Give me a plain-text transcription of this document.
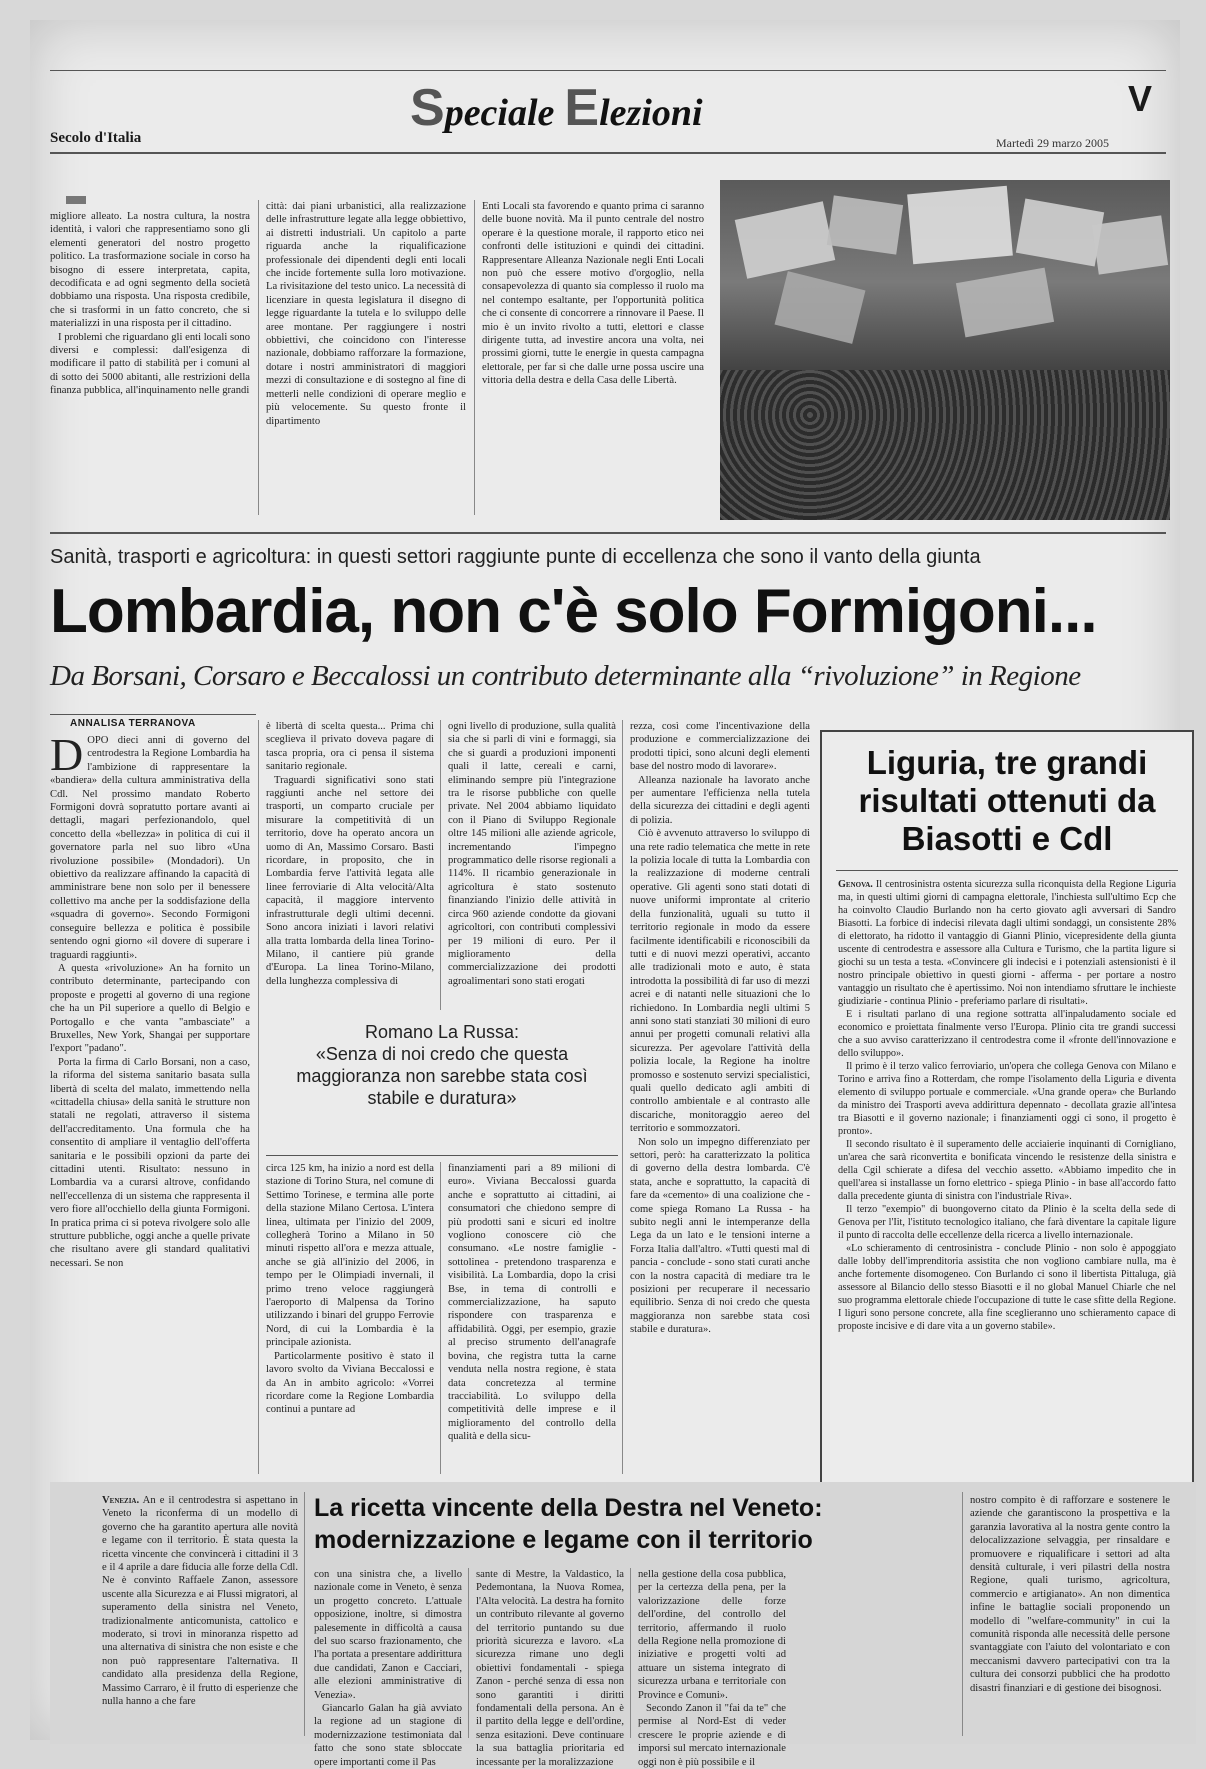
Speciale Elezioni	V
Secolo d'Italia	Martedì 29 marzo 2005

migliore alleato. La nostra cultura, la nostra identità, i valori che rappresentiamo sono gli elementi generatori del nostro progetto politico. La trasformazione sociale in corso ha bisogno di essere interpretata, capita, decodificata e ad ogni segmento della società dobbiamo una risposta. Una risposta credibile, che si trasformi in un fatto concreto, che si materializzi in una risposta per il cittadino.

I problemi che riguardano gli enti locali sono diversi e complessi: dall'esigenza di modificare il patto di stabilità per i comuni al di sotto dei 5000 abitanti, alle restrizioni della finanza pubblica, all'inquinamento nelle grandi

città: dai piani urbanistici, alla realizzazione delle infrastrutture legate alla legge obbiettivo, ai distretti industriali. Un capitolo a parte riguarda anche la riqualificazione professionale dei dipendenti degli enti locali che incide fortemente sulla loro motivazione. La rivisitazione del testo unico. La necessità di licenziare in questa legislatura il disegno di legge riguardante la tutela e lo sviluppo delle aree montane. Per raggiungere i nostri obbiettivi, che coincidono con l'interesse nazionale, dobbiamo rafforzare la formazione, dotare i nostri amministratori di maggiori mezzi di consultazione e di sostegno al fine di metterli nelle condizioni di operare meglio e più velocemente. Su questo fronte il dipartimento

Enti Locali sta favorendo e quanto prima ci saranno delle buone novità. Ma il punto centrale del nostro operare è la questione morale, il rapporto etico nei confronti delle istituzioni e quindi dei cittadini. Rappresentare Alleanza Nazionale negli Enti Locali non può che essere motivo d'orgoglio, nella consapevolezza di quanto sia complesso il ruolo ma nel contempo esaltante, per l'opportunità politica che ci consente di concorrere a rinnovare il Paese. Il mio è un invito rivolto a tutti, elettori e classe dirigente tutta, ad investire ancora una volta, nei prossimi giorni, tutte le energie in questa campagna elettorale, per far sì che dalle urne possa uscire una vittoria della destra e della Casa delle Libertà.

Sanità, trasporti e agricoltura: in questi settori raggiunte punte di eccellenza che sono il vanto della giunta
Lombardia, non c'è solo Formigoni...
Da Borsani, Corsaro e Beccalossi un contributo determinante alla “rivoluzione” in Regione
ANNALISA TERRANOVA
D OPO dieci anni di governo del centrodestra la Regione Lombardia ha l'ambizione di rappresentare la «bandiera» della cultura amministrativa della Cdl. Nel prossimo mandato Roberto Formigoni dovrà sopratutto portare avanti ai dettagli, magari perfezionandolo, quel concetto della «bellezza» in politica di cui il governatore parla nel suo libro «Una rivoluzione possibile» (Mondadori). Un obiettivo da realizzare affinando la capacità di amministrare bene non solo per il benessere collettivo ma anche per la soddisfazione della «squadra di governo». Secondo Formigoni conseguire bellezza e politica è possibile sentendo ogni giorno «il dovere di superare i traguardi raggiunti».

A questa «rivoluzione» An ha fornito un contributo determinante, partecipando con proposte e progetti al governo di una regione che ha un Pil superiore a quello di Belgio e Portogallo e che vanta "ambasciate" a Bruxelles, New York, Shangai per supportare l'export "padano".

Porta la firma di Carlo Borsani, non a caso, la riforma del sistema sanitario basata sulla libertà di scelta del malato, immettendo nella «cittadella chiusa» della sanità le strutture non statali ne regolati, attraverso il sistema dell'accreditamento. Una formula che ha consentito di ampliare il ventaglio dell'offerta sanitaria e le possibili opzioni da parte dei cittadini utenti. Risultato: nessuno in Lombardia va a curarsi altrove, confidando nell'eccellenza di un sistema che rappresenta il vero fiore all'occhiello della giunta Formigoni. In pratica prima ci si poteva rivolgere solo alle strutture pubbliche, oggi anche a quelle private che risultano avere gli standard qualitativi necessari. Se non

è libertà di scelta questa... Prima chi sceglieva il privato doveva pagare di tasca propria, ora ci pensa il sistema sanitario regionale.

Traguardi significativi sono stati raggiunti anche nel settore dei trasporti, un comparto cruciale per misurare la competitività di un territorio, dove ha operato ancora un uomo di An, Massimo Corsaro. Basti ricordare, in proposito, che in Lombardia ferve l'attività legata alle linee ferroviarie di Alta velocità/Alta capacità, il maggiore intervento infrastrutturale degli ultimi decenni. Sono ancora iniziati i lavori relativi alla tratta lombarda della linea Torino-Milano, il cantiere più grande d'Europa. La linea Torino-Milano, della lunghezza complessiva di

ogni livello di produzione, sulla qualità sia che si parli di vini e formaggi, sia che si guardi a produzioni imponenti quali il latte, cereali e carni, eliminando sempre più l'integrazione tra le risorse pubbliche con quelle private. Nel 2004 abbiamo liquidato con il Piano di Sviluppo Regionale oltre 145 milioni alle aziende agricole, incrementando l'impegno programmatico delle risorse regionali a 114%. Il ricambio generazionale in agricoltura è stato sostenuto finanziando l'inizio delle attività in circa 960 aziende condotte da giovani agricoltori, con contributi complessivi per 19 milioni di euro. Per il miglioramento della commercializzazione dei prodotti agroalimentari sono stati erogati

Romano La Russa:
«Senza di noi credo che questa maggioranza non sarebbe stata così stabile e duratura»

circa 125 km, ha inizio a nord est della stazione di Torino Stura, nel comune di Settimo Torinese, e termina alle porte della stazione Milano Certosa. L'intera linea, ultimata per l'inizio del 2009, collegherà Torino a Milano in 50 minuti rispetto all'ora e mezza attuale, anche se già all'inizio del 2006, in tempo per le Olimpiadi invernali, il primo treno veloce raggiungerà l'aeroporto di Malpensa da Torino utilizzando i binari del gruppo Ferrovie Nord, di cui la Lombardia è la principale azionista.

Particolarmente positivo è stato il lavoro svolto da Viviana Beccalossi e da An in ambito agricolo: «Vorrei ricordare come la Regione Lombardia continui a puntare ad

finanziamenti pari a 89 milioni di euro». Viviana Beccalossi guarda anche e soprattutto ai cittadini, ai consumatori che chiedono sempre di più prodotti sani e sicuri ed inoltre vogliono conoscere ciò che consumano. «Le nostre famiglie - sottolinea - pretendono trasparenza e visibilità. La Lombardia, dopo la crisi Bse, in tema di controlli e commercializzazione, ha saputo rispondere con trasparenza e affidabilità. Oggi, per esempio, grazie al preciso strumento dell'anagrafe bovina, che registra tutta la carne venduta nella nostra regione, è stata data concretezza al termine tracciabilità. Lo sviluppo della competitività delle imprese e il miglioramento del controllo della qualità e della sicu-

rezza, così come l'incentivazione della produzione e commercializzazione dei prodotti tipici, sono alcuni degli elementi base del nostro modo di lavorare».

Alleanza nazionale ha lavorato anche per aumentare l'efficienza nella tutela della sicurezza dei cittadini e degli agenti di polizia.

Ciò è avvenuto attraverso lo sviluppo di una rete radio telematica che mette in rete la polizia locale di tutta la Lombardia con la realizzazione di moderne centrali operative. Gli agenti sono stati dotati di nuove uniformi improntate al criterio della funzionalità, uguali su tutto il territorio regionale in modo da essere facilmente identificabili e riconoscibili da tutti e di nuovi mezzi operativi, accanto alle tradizionali moto e auto, è stata introdotta la possibilità di far uso di mezzi acrei e di natanti nelle situazioni che lo richiedono. In Lombardia negli ultimi 5 anni sono stati stanziati 30 milioni di euro annui per progetti comunali relativi alla sicurezza. Per agevolare l'attività della polizia locale, la Regione ha inoltre promosso e sostenuto servizi specialistici, quali quello dedicato agli ambiti di controllo ambientale e al contrasto alle discariche, monitoraggio aereo del territorio e sommozzatori.

Non solo un impegno differenziato per settori, però: ha caratterizzato la politica di governo della destra lombarda. C'è stata, anche e soprattutto, la capacità di fare da «cemento» di una coalizione che - come spiega Romano La Russa - ha subito negli anni le intemperanze della Lega da un lato e le tensioni interne a Forza Italia dall'altro. «Tutti questi mal di pancia - conclude - sono stati curati anche con la nostra capacità di mediare tra le posizioni per recuperare il necessario equilibrio. Senza di noi credo che questa maggioranza non sarebbe stata così stabile e duratura».

Liguria, tre grandi risultati ottenuti da Biasotti e Cdl

Genova. Il centrosinistra ostenta sicurezza sulla riconquista della Regione Liguria ma, in questi ultimi giorni di campagna elettorale, l'inchiesta sull'ultimo Ecp che ha coinvolto Claudio Burlando non ha certo giovato agli avversari di Sandro Biasotti. La forbice di indecisi rilevata dagli ultimi sondaggi, un consistente 28% di elettorato, ha ridotto il vantaggio di Gianni Plinio, vicepresidente della giunta uscente di centrodestra e assessore alla Cultura e Turismo, che la partita ligure si giochi su un testa a testa. «Convincere gli indecisi e i potenziali astensionisti è il nostro principale obiettivo in questi giorni - afferma - per portare a nostro vantaggio un risultato che è apertissimo. Noi non intendiamo sfruttare le inchieste giudiziarie - continua Plinio - preferiamo parlare di risultati».

E i risultati parlano di una regione sottratta all'inpaludamento sociale ed economico e proiettata finalmente verso l'Europa. Plinio cita tre grandi successi che a suo avviso caratterizzano il centrodestra come il «fronte dell'innovazione e dello sviluppo».

Il primo è il terzo valico ferroviario, un'opera che collega Genova con Milano e Torino e arriva fino a Rotterdam, che rompe l'isolamento della Liguria e diventa elemento di sviluppo portuale e commerciale. «Una grande opera» che Burlando da ministro dei Trasporti aveva addirittura depennato - decollata grazie all'intesa tra Biasotti e il governo nazionale; i finanziamenti oggi ci sono, il progetto è pronto».

Il secondo risultato è il superamento delle acciaierie inquinanti di Cornigliano, un'area che sarà riconvertita e bonificata vincendo le resistenze della sinistra e della Cgil schierate a difesa del vecchio assetto. «Abbiamo impedito che in quell'area si installasse un forno elettrico - spiega Plinio - in base all'accordo fatto dalla precedente giunta di sinistra con l'industriale Riva».

Il terzo "exempio" di buongoverno citato da Plinio è la scelta della sede di Genova per l'Iit, l'istituto tecnologico italiano, che farà diventare la capitale ligure il punto di raccolta delle eccellenze della ricerca a livello internazionale.

«Lo schieramento di centrosinistra - conclude Plinio - non solo è appoggiato dalle lobby dell'imprenditoria assistita che non vogliono cambiare nulla, ma è anche fortemente disomogeneo. Con Burlando ci sono il libertista Pittaluga, già assessore al Bilancio dello stesso Biasotti e il no global Manuel Chiarle che nel suo programma elettorale chiede l'occupazione di tutte le case sfitte della Regione. I liguri sono persone concrete, alla fine sceglieranno uno schieramento capace di proposte incisive e di dare vita a un governo stabile».

Venezia. An e il centrodestra si aspettano in Veneto la riconferma di un modello di governo che ha garantito apertura alle novità e legame con il territorio. È stata questa la ricetta vincente che convincerà i cittadini il 3 e il 4 aprile a dare fiducia alle forze della Cdl. Ne è convinto Raffaele Zanon, assessore uscente alla Sicurezza e ai Flussi migratori, al superamento della sinistra nel Veneto, tradizionalmente anticomunista, cattolico e moderato, si trovi in minoranza rispetto ad una alternativa di sinistra che non esiste e che non può rappresentare l'alternativa. Il candidato alla presidenza della Regione, Massimo Carraro, è il frutto di esperienze che nulla hanno a che fare

La ricetta vincente della Destra nel Veneto:
modernizzazione e legame con il territorio

con una sinistra che, a livello nazionale come in Veneto, è senza un progetto concreto. L'attuale opposizione, inoltre, si dimostra palesemente in difficoltà a causa del suo scarso frazionamento, che l'ha portata a presentare addirittura due candidati, Zanon e Cacciari, alle elezioni amministrative di Venezia».

Giancarlo Galan ha già avviato la regione ad un stagione di modernizzazione testimoniata dal fatto che sono state sbloccate opere importanti come il Pas

sante di Mestre, la Valdastico, la Pedemontana, la Nuova Romea, l'Alta velocità. La destra ha fornito un contributo rilevante al governo del territorio puntando su due priorità sicurezza e lavoro. «La sicurezza rimane uno degli obiettivi fondamentali - spiega Zanon - perché senza di essa non sono garantiti i diritti fondamentali della persona. An è il partito della legge e dell'ordine, senza esitazioni. Deve continuare la sua battaglia prioritaria ed incessante per la moralizzazione

nella gestione della cosa pubblica, per la certezza della pena, per la valorizzazione delle forze dell'ordine, del controllo del territorio, affermando il ruolo della Regione nella promozione di iniziative e progetti volti ad attuare un sistema integrato di sicurezza urbana e territoriale con Province e Comuni».

Secondo Zanon il "fai da te" che permise al Nord-Est di veder crescere le proprie aziende e di imporsi sul mercato internazionale oggi non è più possibile e il

nostro compito è di rafforzare e sostenere le aziende che garantiscono la prospettiva e la garanzia lavorativa al la nostra gente contro la delocalizzazione selvaggia, per rinsaldare e promuovere e riqualificare i settori ad alta densità culturale, i veri pilastri della nostra Regione, quali turismo, agricoltura, commercio e artigianato». An non dimentica infine le battaglie sociali proponendo un modello di "welfare-community" in cui la comunità risponda alle necessità delle persone svantaggiate con l'aiuto del volontariato e con meccanismi davvero partecipativi con tra la cultura dei consorzi pubblici che ha prodotto disastri finanziari e di gestione dei bisognosi.
